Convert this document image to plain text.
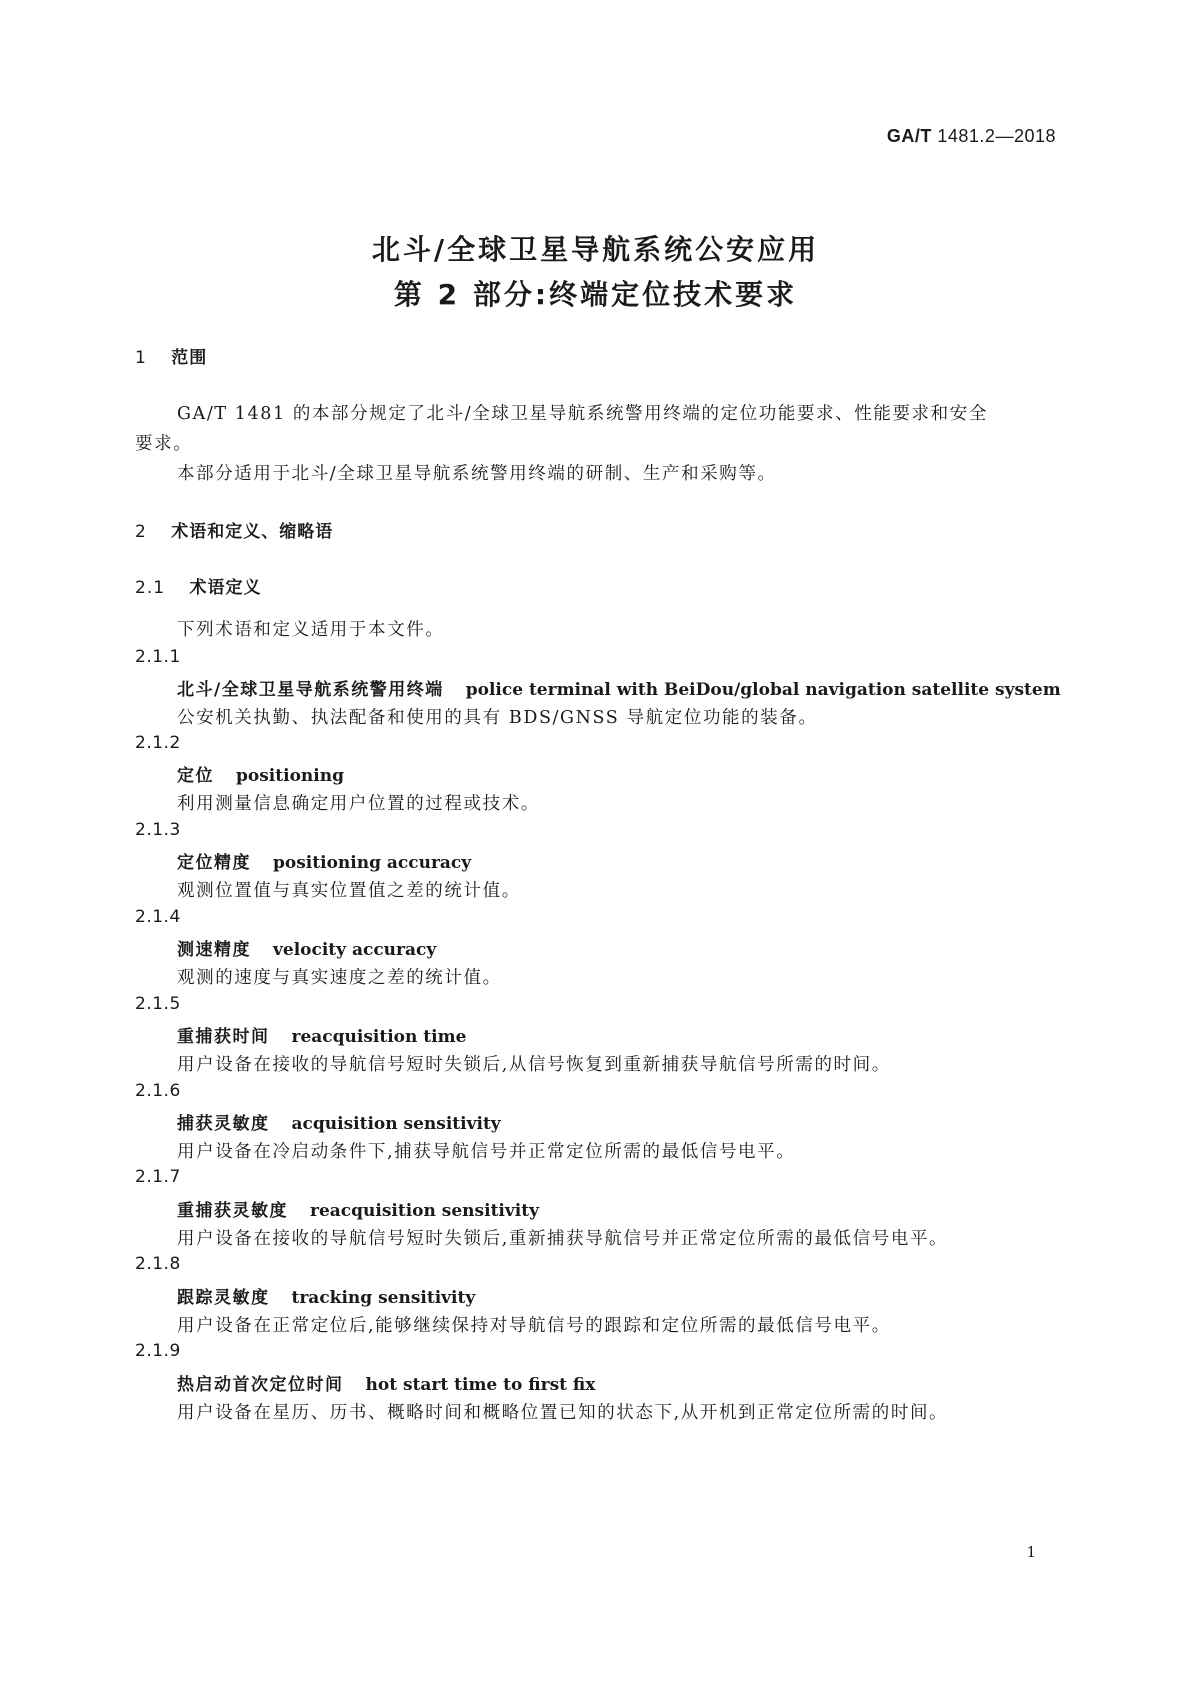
GA/T 1481.2—2018
北斗/全球卫星导航系统公安应用
第 2 部分:终端定位技术要求
1 范围
GA/T 1481 的本部分规定了北斗/全球卫星导航系统警用终端的定位功能要求、性能要求和安全
要求。
本部分适用于北斗/全球卫星导航系统警用终端的研制、生产和采购等。
2 术语和定义、缩略语
2.1 术语定义
下列术语和定义适用于本文件。
2.1.1
北斗/全球卫星导航系统警用终端 police terminal with BeiDou/global navigation satellite system
公安机关执勤、执法配备和使用的具有 BDS/GNSS 导航定位功能的装备。
2.1.2
定位 positioning
利用测量信息确定用户位置的过程或技术。
2.1.3
定位精度 positioning accuracy
观测位置值与真实位置值之差的统计值。
2.1.4
测速精度 velocity accuracy
观测的速度与真实速度之差的统计值。
2.1.5
重捕获时间 reacquisition time
用户设备在接收的导航信号短时失锁后,从信号恢复到重新捕获导航信号所需的时间。
2.1.6
捕获灵敏度 acquisition sensitivity
用户设备在冷启动条件下,捕获导航信号并正常定位所需的最低信号电平。
2.1.7
重捕获灵敏度 reacquisition sensitivity
用户设备在接收的导航信号短时失锁后,重新捕获导航信号并正常定位所需的最低信号电平。
2.1.8
跟踪灵敏度 tracking sensitivity
用户设备在正常定位后,能够继续保持对导航信号的跟踪和定位所需的最低信号电平。
2.1.9
热启动首次定位时间 hot start time to first fix
用户设备在星历、历书、概略时间和概略位置已知的状态下,从开机到正常定位所需的时间。
1
